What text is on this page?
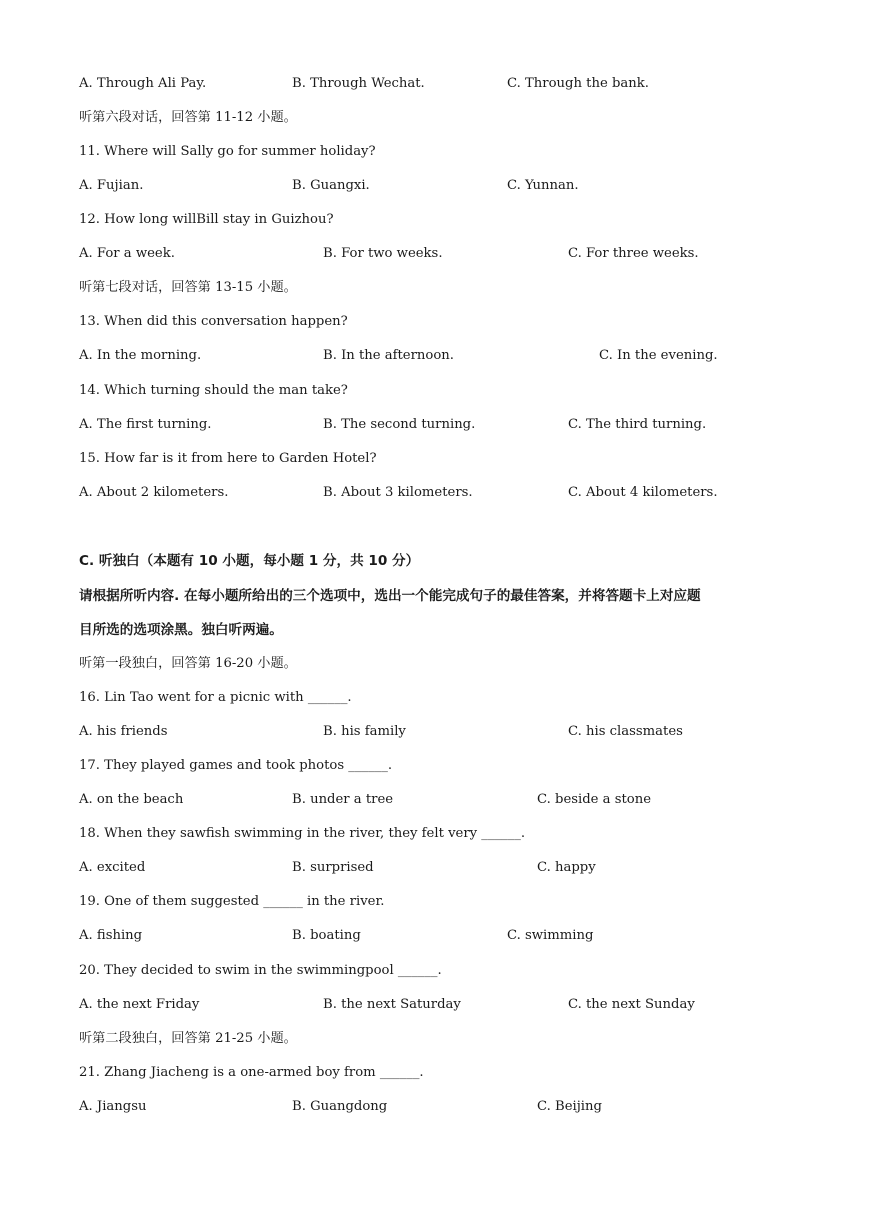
A. Through Ali Pay.	B. Through Wechat.	C. Through the bank.
听第六段对话，回答第 11-12 小题。
11. Where will Sally go for summer holiday?
A. Fujian.	B. Guangxi.	C. Yunnan.
12. How long willBill stay in Guizhou?
A. For a week.	B. For two weeks.	C. For three weeks.
听第七段对话，回答第 13-15 小题。
13. When did this conversation happen?
A. In the morning.	B. In the afternoon.	C. In the evening.
14. Which turning should the man take?
A. The first turning.	B. The second turning.	C. The third turning.
15. How far is it from here to Garden Hotel?
A. About 2 kilometers.	B. About 3 kilometers.	C. About 4 kilometers.
C. 听独白（本题有 10 小题，每小题 1 分，共 10 分）
请根据所听内容. 在每小题所给出的三个选项中，选出一个能完成句子的最佳答案，并将答题卡上对应题
目所选的选项涂黑。独白听两遍。
听第一段独白，回答第 16-20 小题。
16. Lin Tao went for a picnic with ______.
A. his friends	B. his family	C. his classmates
17. They played games and took photos ______.
A. on the beach	B. under a tree	C. beside a stone
18. When they sawfish swimming in the river, they felt very ______.
A. excited	B. surprised	C. happy
19. One of them suggested ______ in the river.
A. fishing	B. boating	C. swimming
20. They decided to swim in the swimmingpool ______.
A. the next Friday	B. the next Saturday	C. the next Sunday
听第二段独白，回答第 21-25 小题。
21. Zhang Jiacheng is a one-armed boy from ______.
A. Jiangsu	B. Guangdong	C. Beijing
